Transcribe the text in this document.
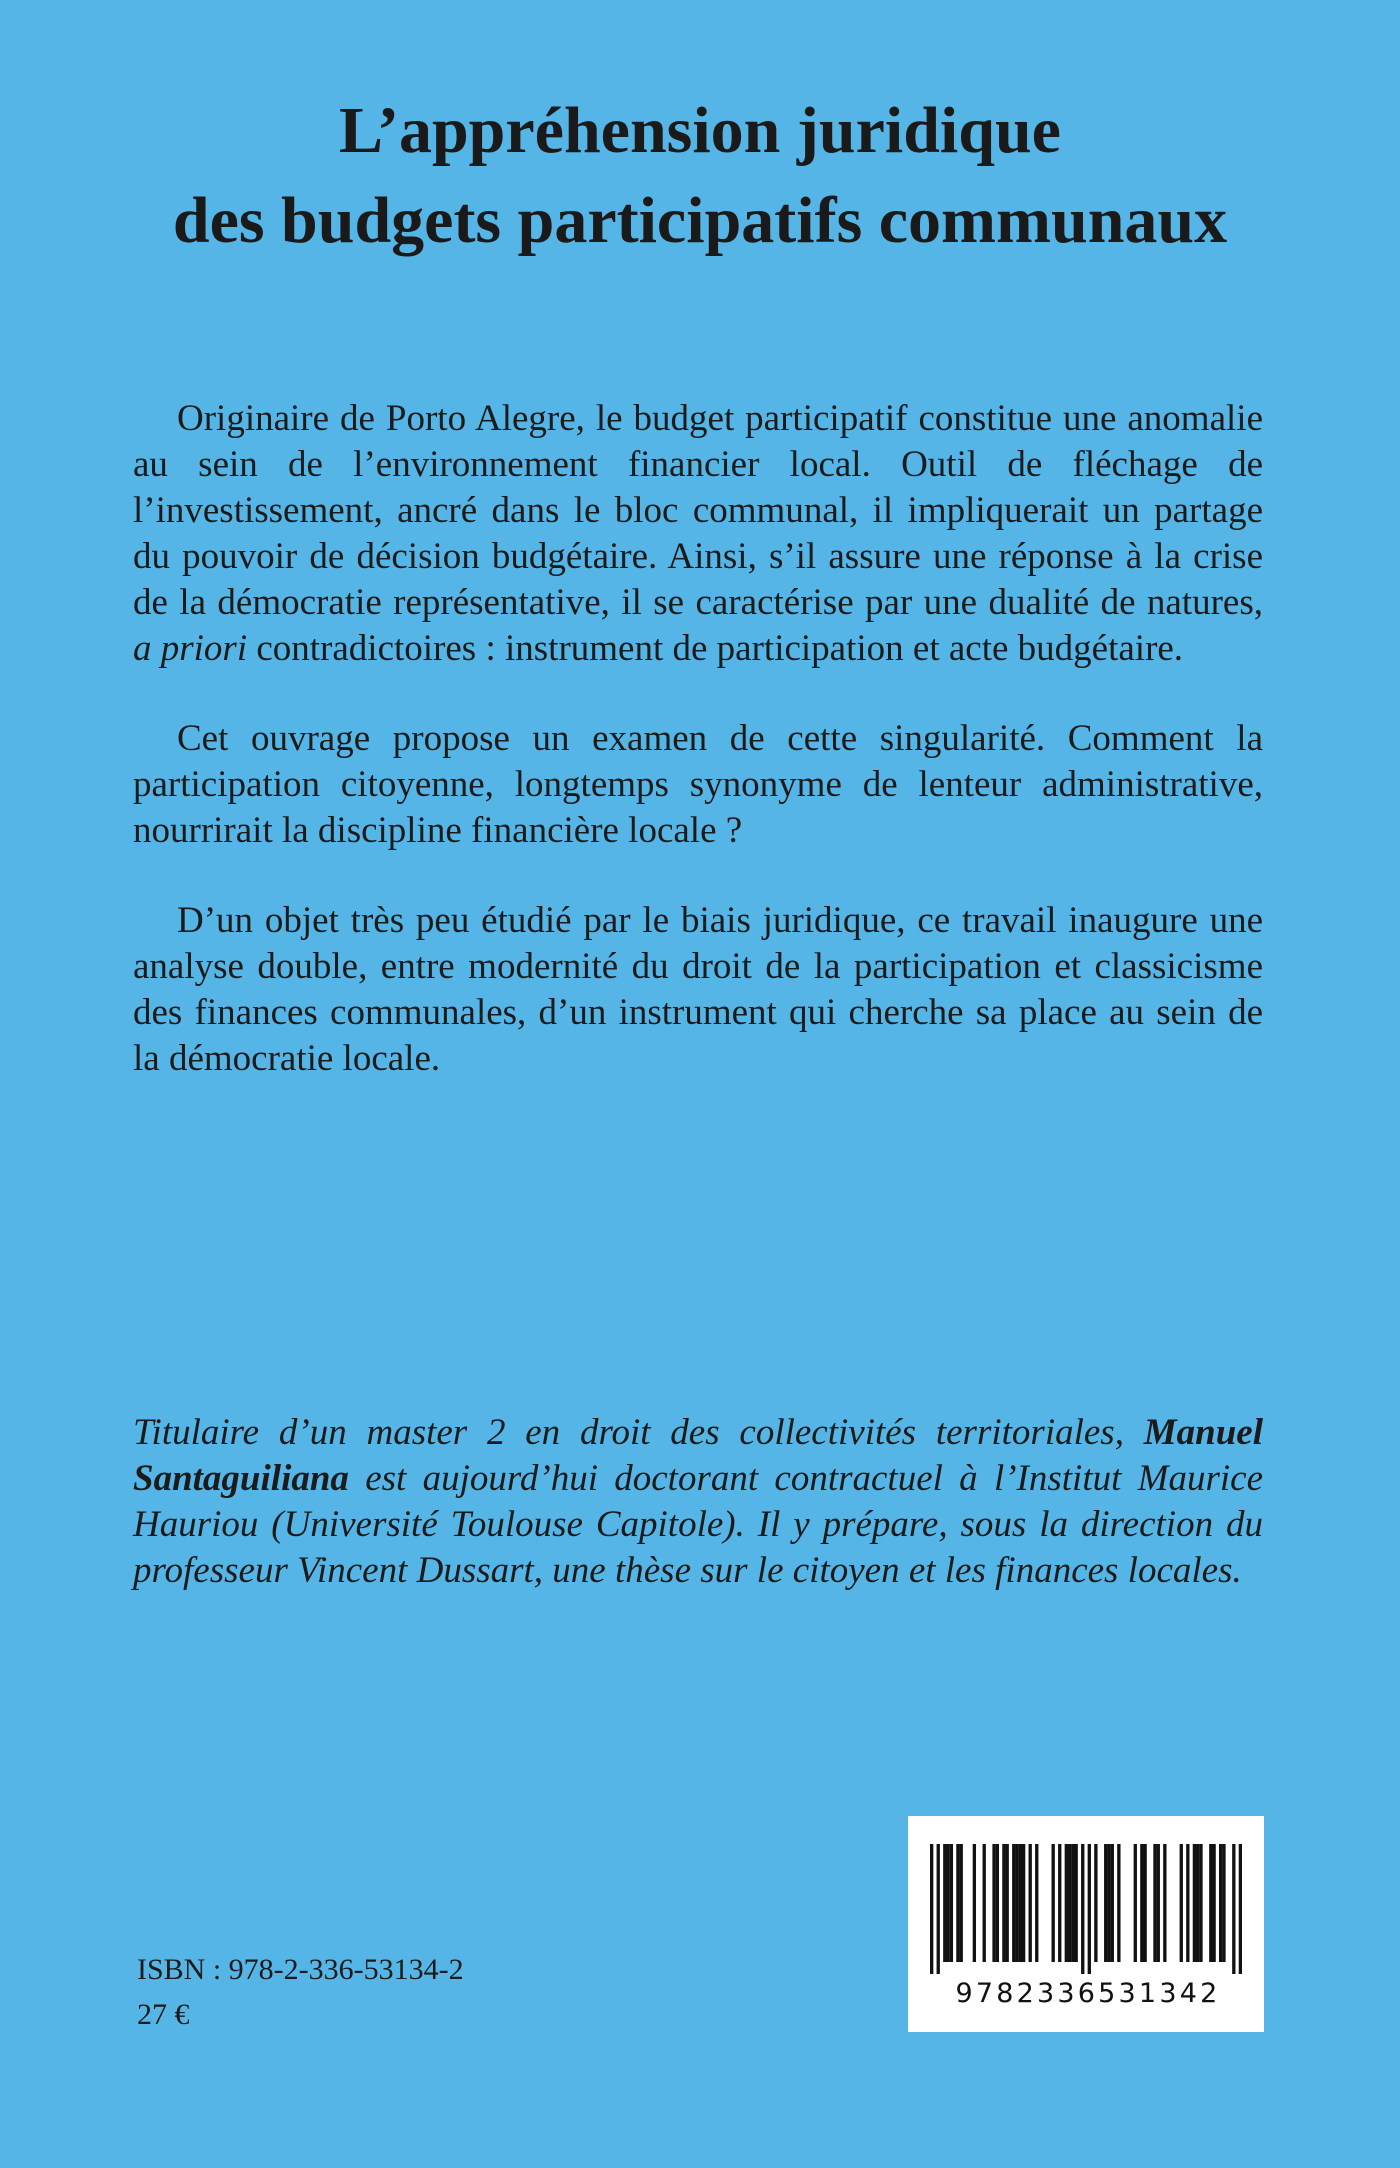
L’appréhension juridique
des budgets participatifs communaux

Originaire de Porto Alegre, le budget participatif constitue une anomalie au sein de l’environnement financier local. Outil de fléchage de l’investissement, ancré dans le bloc communal, il impliquerait un partage du pouvoir de décision budgétaire. Ainsi, s’il assure une réponse à la crise de la démocratie représentative, il se caractérise par une dualité de natures, a priori contradictoires : instrument de participation et acte budgétaire.

Cet ouvrage propose un examen de cette singularité. Comment la participation citoyenne, longtemps synonyme de lenteur administrative, nourrirait la discipline financière locale ?

D’un objet très peu étudié par le biais juridique, ce travail inaugure une analyse double, entre modernité du droit de la participation et classicisme des finances communales, d’un instrument qui cherche sa place au sein de la démocratie locale.

Titulaire d’un master 2 en droit des collectivités territoriales, Manuel Santaguiliana est aujourd’hui doctorant contractuel à l’Institut Maurice Hauriou (Université Toulouse Capitole). Il y prépare, sous la direction du professeur Vincent Dussart, une thèse sur le citoyen et les finances locales.

ISBN : 978-2-336-53134-2
27 €
9782336531342
